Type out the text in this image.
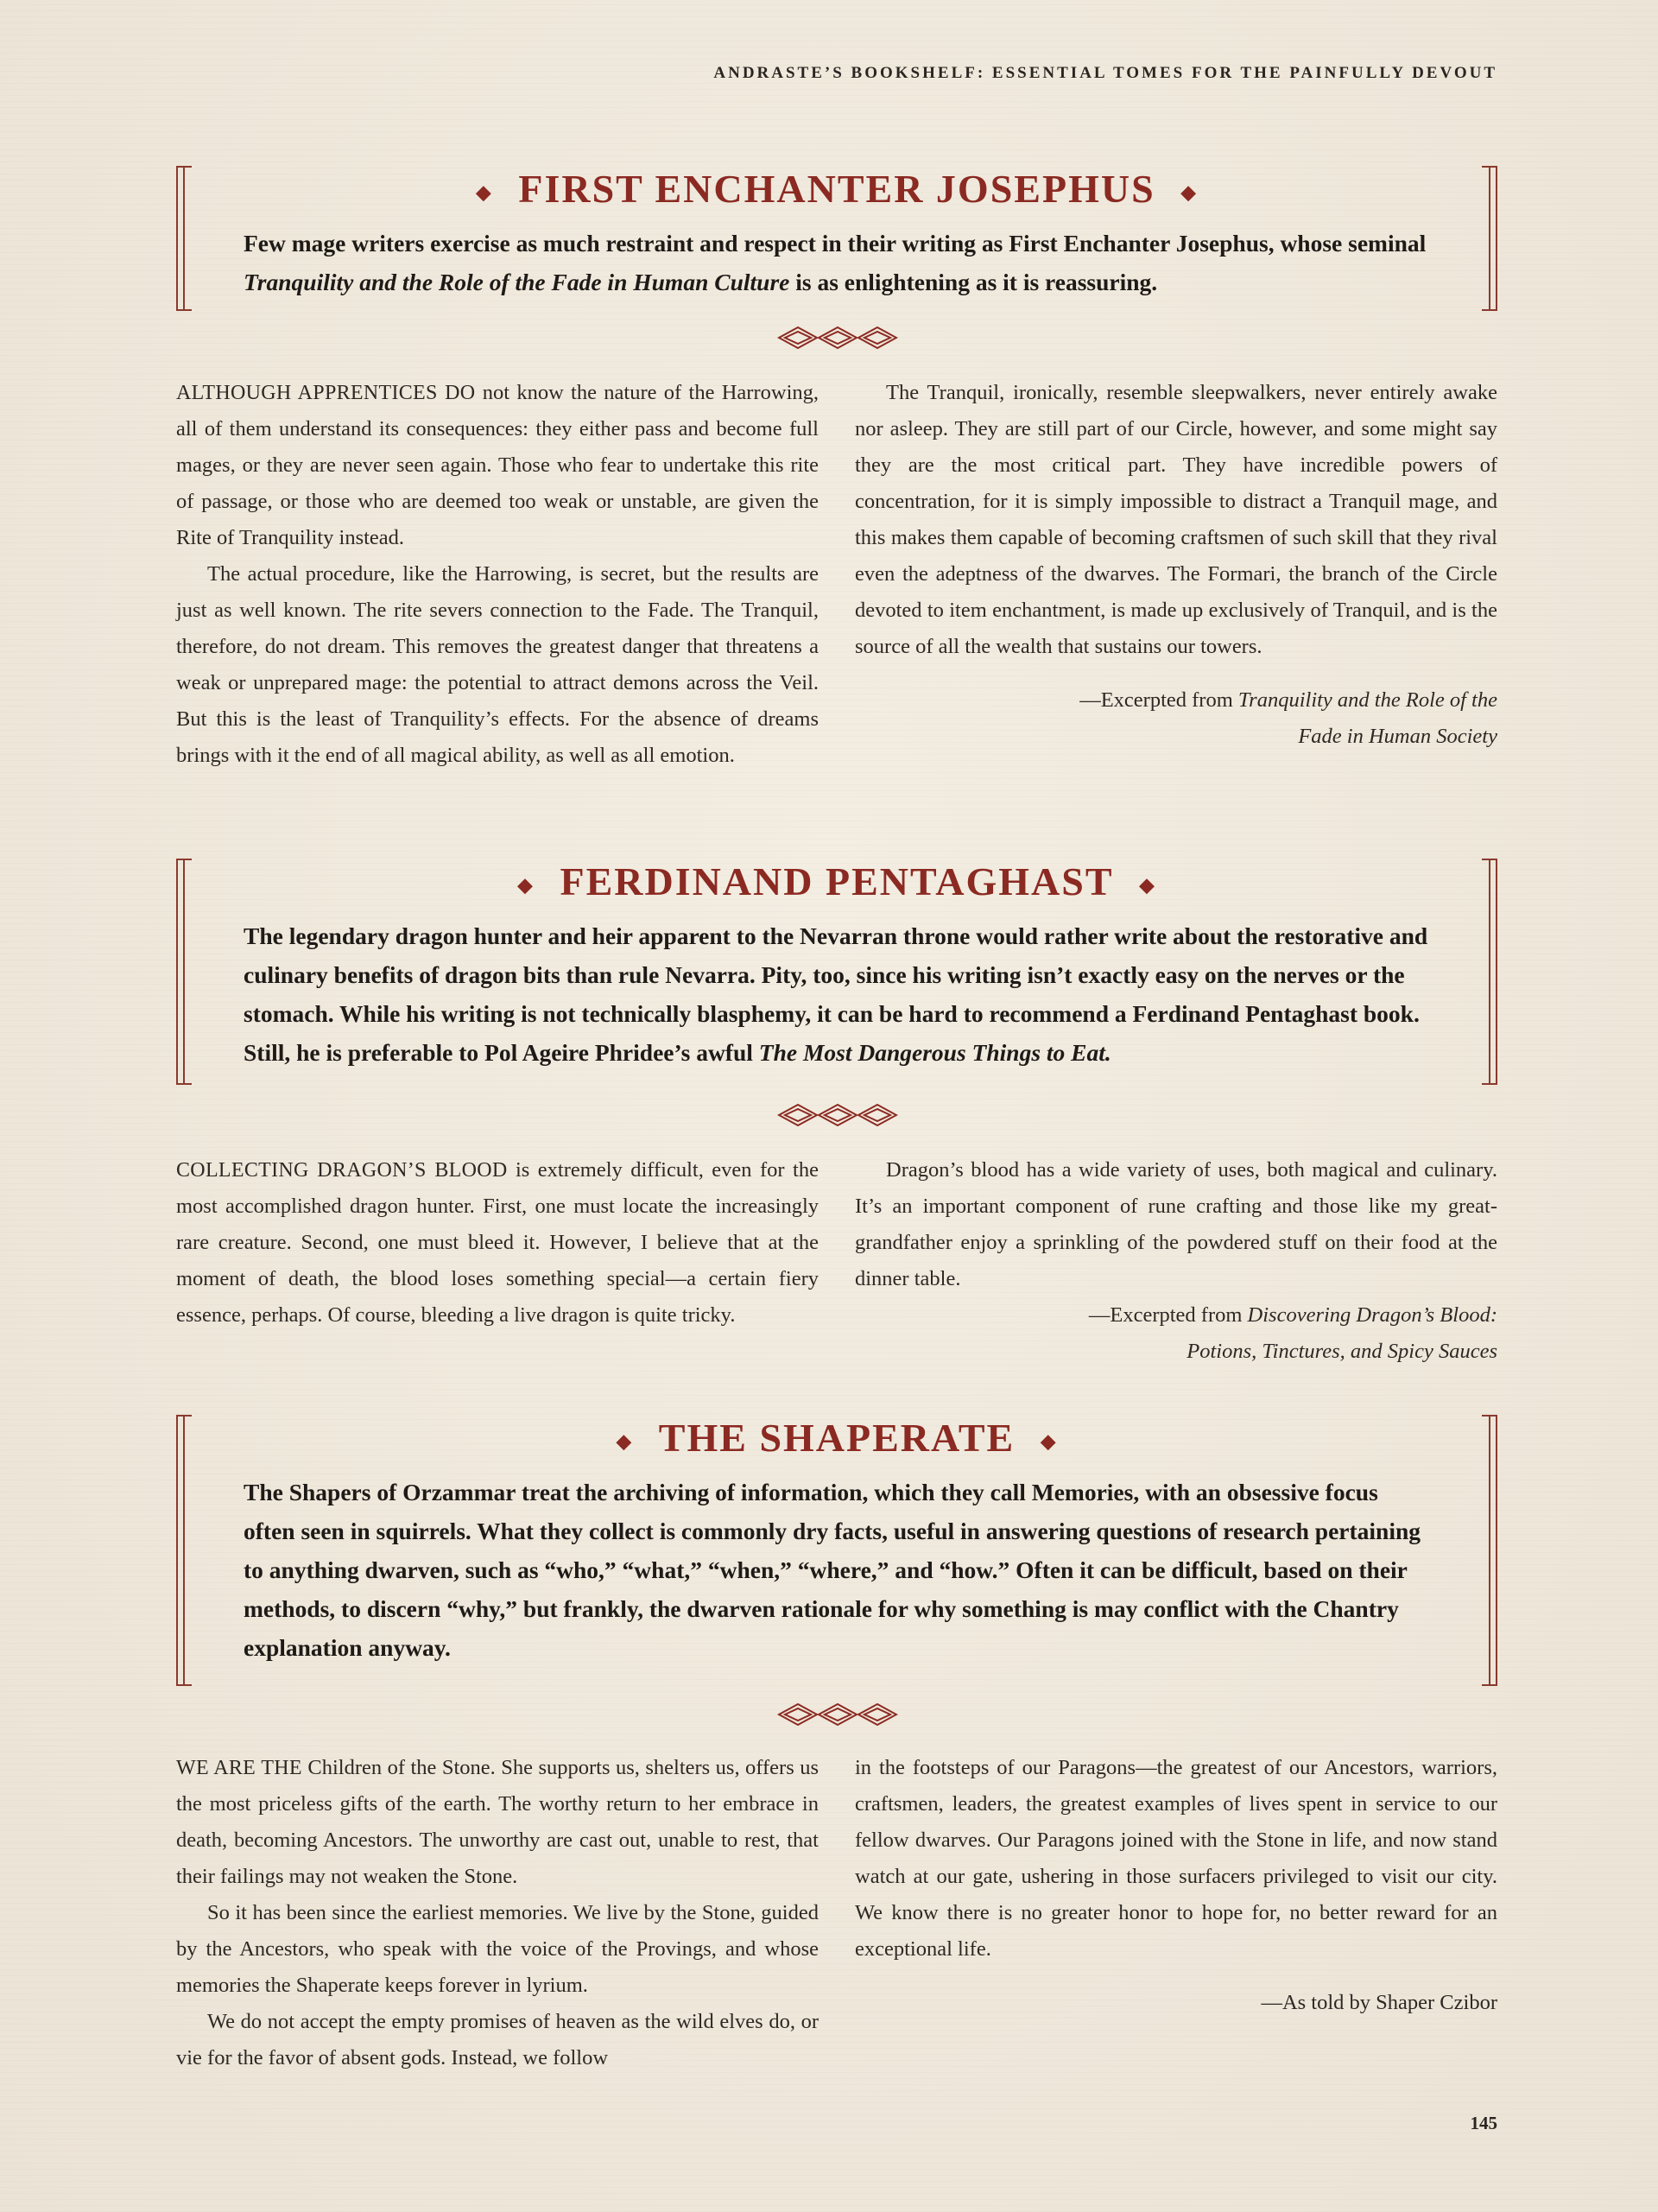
ANDRASTE’S BOOKSHELF: ESSENTIAL TOMES FOR THE PAINFULLY DEVOUT
◆ FIRST ENCHANTER JOSEPHUS ◆
Few mage writers exercise as much restraint and respect in their writing as First Enchanter Josephus, whose seminal Tranquility and the Role of the Fade in Human Culture is as enlightening as it is reassuring.

ALTHOUGH APPRENTICES DO not know the nature of the Harrowing, all of them understand its consequences: they either pass and become full mages, or they are never seen again. Those who fear to undertake this rite of passage, or those who are deemed too weak or unstable, are given the Rite of Tranquility instead.

The actual procedure, like the Harrowing, is secret, but the results are just as well known. The rite severs connection to the Fade. The Tranquil, therefore, do not dream. This removes the greatest danger that threatens a weak or unprepared mage: the potential to attract demons across the Veil. But this is the least of Tranquility’s effects. For the absence of dreams brings with it the end of all magical ability, as well as all emotion.

The Tranquil, ironically, resemble sleepwalkers, never entirely awake nor asleep. They are still part of our Circle, however, and some might say they are the most critical part. They have incredible powers of concentration, for it is simply impossible to distract a Tranquil mage, and this makes them capable of becoming craftsmen of such skill that they rival even the adeptness of the dwarves. The Formari, the branch of the Circle devoted to item enchantment, is made up exclusively of Tranquil, and is the source of all the wealth that sustains our towers.

—Excerpted from Tranquility and the Role of the
Fade in Human Society

◆ FERDINAND PENTAGHAST ◆
The legendary dragon hunter and heir apparent to the Nevarran throne would rather write about the restorative and culinary benefits of dragon bits than rule Nevarra. Pity, too, since his writing isn’t exactly easy on the nerves or the stomach. While his writing is not technically blasphemy, it can be hard to recommend a Ferdinand Pentaghast book. Still, he is preferable to Pol Ageire Phridee’s awful The Most Dangerous Things to Eat.

COLLECTING DRAGON’S BLOOD is extremely difficult, even for the most accomplished dragon hunter. First, one must locate the increasingly rare creature. Second, one must bleed it. However, I believe that at the moment of death, the blood loses something special—a certain fiery essence, perhaps. Of course, bleeding a live dragon is quite tricky.

Dragon’s blood has a wide variety of uses, both magical and culinary. It’s an important component of rune crafting and those like my great-grandfather enjoy a sprinkling of the powdered stuff on their food at the dinner table.

—Excerpted from Discovering Dragon’s Blood:
Potions, Tinctures, and Spicy Sauces

◆ THE SHAPERATE ◆
The Shapers of Orzammar treat the archiving of information, which they call Memories, with an obsessive focus often seen in squirrels. What they collect is commonly dry facts, useful in answering questions of research pertaining to anything dwarven, such as “who,” “what,” “when,” “where,” and “how.” Often it can be difficult, based on their methods, to discern “why,” but frankly, the dwarven rationale for why something is may conflict with the Chantry explanation anyway.

WE ARE THE Children of the Stone. She supports us, shelters us, offers us the most priceless gifts of the earth. The worthy return to her embrace in death, becoming Ancestors. The unworthy are cast out, unable to rest, that their failings may not weaken the Stone.

So it has been since the earliest memories. We live by the Stone, guided by the Ancestors, who speak with the voice of the Provings, and whose memories the Shaperate keeps forever in lyrium.

We do not accept the empty promises of heaven as the wild elves do, or vie for the favor of absent gods. Instead, we follow

in the footsteps of our Paragons—the greatest of our Ancestors, warriors, craftsmen, leaders, the greatest examples of lives spent in service to our fellow dwarves. Our Paragons joined with the Stone in life, and now stand watch at our gate, ushering in those surfacers privileged to visit our city. We know there is no greater honor to hope for, no better reward for an exceptional life.

—As told by Shaper Czibor

145
